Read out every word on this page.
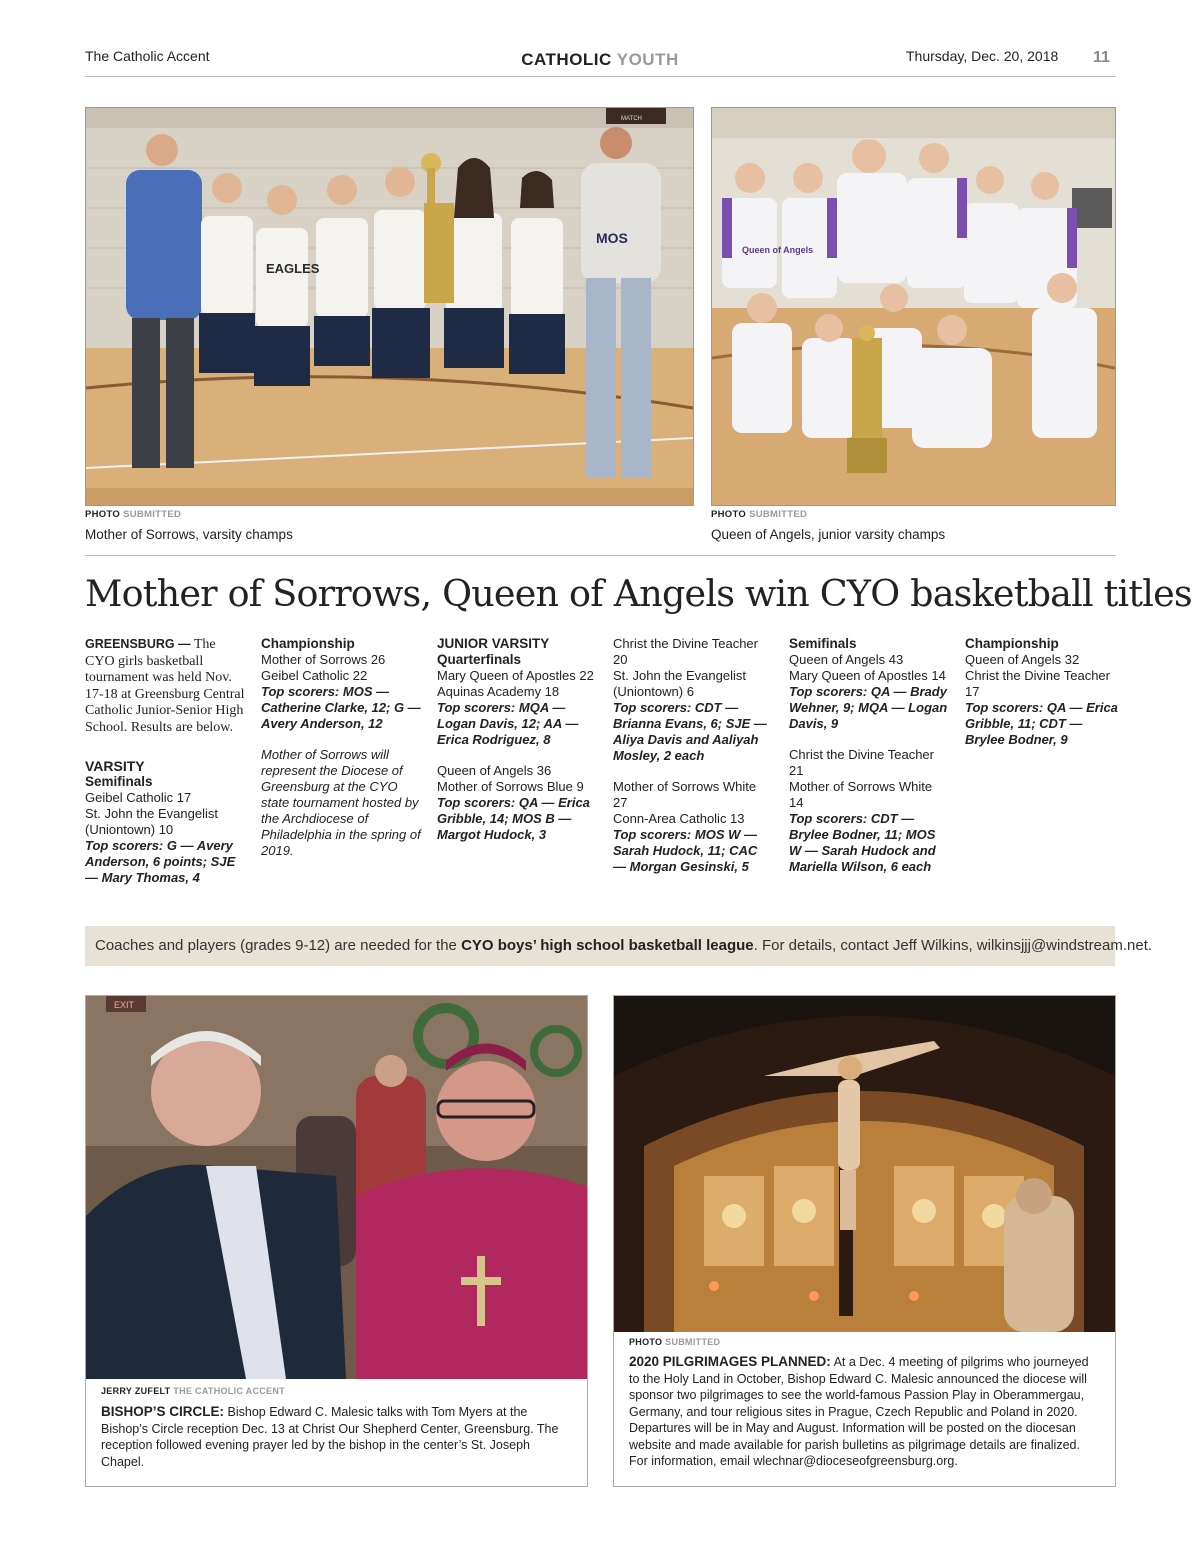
The Catholic Accent	CATHOLIC YOUTH	Thursday, Dec. 20, 2018 11
MATCH
EAGLES
MOS
PHOTO SUBMITTED
Mother of Sorrows, varsity champs
Queen of Angels
PHOTO SUBMITTED
Queen of Angels, junior varsity champs
Mother of Sorrows, Queen of Angels win CYO basketball titles
GREENSBURG — The CYO girls basketball tournament was held Nov. 17-18 at Greensburg Central Catholic Junior-Senior High School. Results are below.
VARSITY
Semifinals
Geibel Catholic 17
St. John the Evangelist (Uniontown) 10
Top scorers: G — Avery Anderson, 6 points; SJE — Mary Thomas, 4
Championship
Mother of Sorrows 26
Geibel Catholic 22
Top scorers: MOS — Catherine Clarke, 12; G — Avery Anderson, 12
Mother of Sorrows will represent the Diocese of Greensburg at the CYO state tournament hosted by the Archdiocese of Philadelphia in the spring of 2019.
JUNIOR VARSITY
Quarterfinals
Mary Queen of Apostles 22
Aquinas Academy 18
Top scorers: MQA — Logan Davis, 12; AA — Erica Rodriguez, 8
Queen of Angels 36
Mother of Sorrows Blue 9
Top scorers: QA — Erica Gribble, 14; MOS B — Margot Hudock, 3
Christ the Divine Teacher 20
St. John the Evangelist (Uniontown) 6
Top scorers: CDT — Brianna Evans, 6; SJE — Aliya Davis and Aaliyah Mosley, 2 each
Mother of Sorrows White 27
Conn-Area Catholic 13
Top scorers: MOS W — Sarah Hudock, 11; CAC — Morgan Gesinski, 5
Semifinals
Queen of Angels 43
Mary Queen of Apostles 14
Top scorers: QA — Brady Wehner, 9; MQA — Logan Davis, 9
Christ the Divine Teacher 21
Mother of Sorrows White 14
Top scorers: CDT — Brylee Bodner, 11; MOS W — Sarah Hudock and Mariella Wilson, 6 each
Championship
Queen of Angels 32
Christ the Divine Teacher 17
Top scorers: QA — Erica Gribble, 11; CDT — Brylee Bodner, 9
Coaches and players (grades 9-12) are needed for the CYO boys’ high school basketball league. For details, contact Jeff Wilkins, wilkinsjjj@windstream.net.
EXIT
JERRY ZUFELT THE CATHOLIC ACCENT
BISHOP’S CIRCLE: Bishop Edward C. Malesic talks with Tom Myers at the Bishop’s Circle reception Dec. 13 at Christ Our Shepherd Center, Greensburg. The reception followed evening prayer led by the bishop in the center’s St. Joseph Chapel.
PHOTO SUBMITTED
2020 PILGRIMAGES PLANNED: At a Dec. 4 meeting of pilgrims who journeyed to the Holy Land in October, Bishop Edward C. Malesic announced the diocese will sponsor two pilgrimages to see the world-famous Passion Play in Oberammergau, Germany, and tour religious sites in Prague, Czech Republic and Poland in 2020. Departures will be in May and August. Information will be posted on the diocesan website and made available for parish bulletins as pilgrimage details are finalized. For information, email wlechnar@dioceseofgreensburg.org.
